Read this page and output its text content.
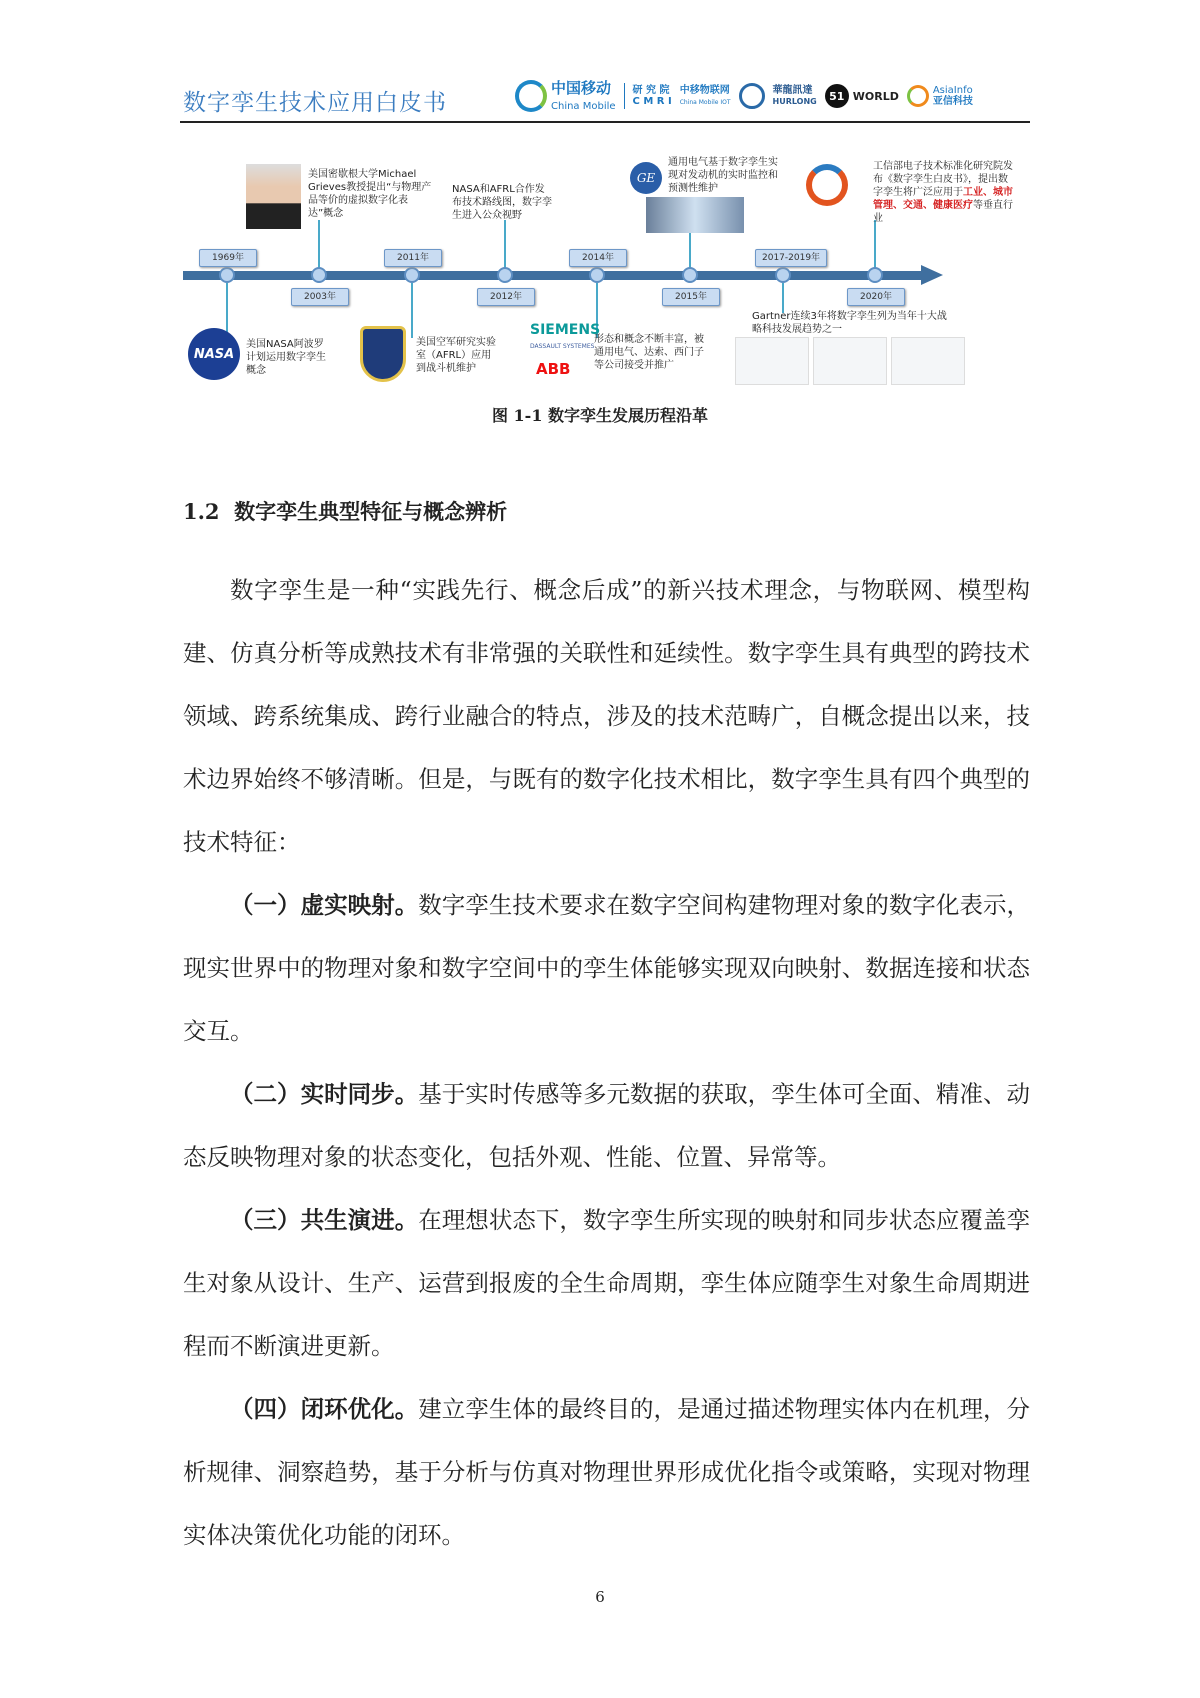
数字孪生技术应用白皮书
中国移动
China Mobile
研 究 院
C M R I
中移物联网
China Mobile IOT
華龍訊達
HURLONG	51 WORLD	AsiaInfo
亚信科技
1969年
2003年
2011年
2012年
2014年
2015年
2017-2019年
2020年
NASA
美国NASA阿波罗计划运用数字孪生概念
美国密歇根大学Michael Grieves教授提出“与物理产品等价的虚拟数字化表达”概念
美国空军研究实验室（AFRL）应用到战斗机维护
NASA和AFRL合作发布技术路线图，数字孪生进入公众视野
SIEMENS
DASSAULT SYSTEMES
ABB
形态和概念不断丰富，被通用电气、达索、西门子等公司接受并推广
GE
通用电气基于数字孪生实现对发动机的实时监控和预测性维护
Gartner连续3年将数字孪生列为当年十大战略科技发展趋势之一
工信部电子技术标准化研究院发布《数字孪生白皮书》，提出数字孪生将广泛应用于工业、城市管理、交通、健康医疗等垂直行业
图 1-1 数字孪生发展历程沿革
1.2 数字孪生典型特征与概念辨析

数字孪生是一种“实践先行、概念后成”的新兴技术理念，与物联网、模型构建、仿真分析等成熟技术有非常强的关联性和延续性。数字孪生具有典型的跨技术领域、跨系统集成、跨行业融合的特点，涉及的技术范畴广，自概念提出以来，技术边界始终不够清晰。但是，与既有的数字化技术相比，数字孪生具有四个典型的技术特征：

（一）虚实映射。数字孪生技术要求在数字空间构建物理对象的数字化表示，现实世界中的物理对象和数字空间中的孪生体能够实现双向映射、数据连接和状态交互。

（二）实时同步。基于实时传感等多元数据的获取，孪生体可全面、精准、动态反映物理对象的状态变化，包括外观、性能、位置、异常等。

（三）共生演进。在理想状态下，数字孪生所实现的映射和同步状态应覆盖孪生对象从设计、生产、运营到报废的全生命周期，孪生体应随孪生对象生命周期进程而不断演进更新。

（四）闭环优化。建立孪生体的最终目的，是通过描述物理实体内在机理，分析规律、洞察趋势，基于分析与仿真对物理世界形成优化指令或策略，实现对物理实体决策优化功能的闭环。

6
